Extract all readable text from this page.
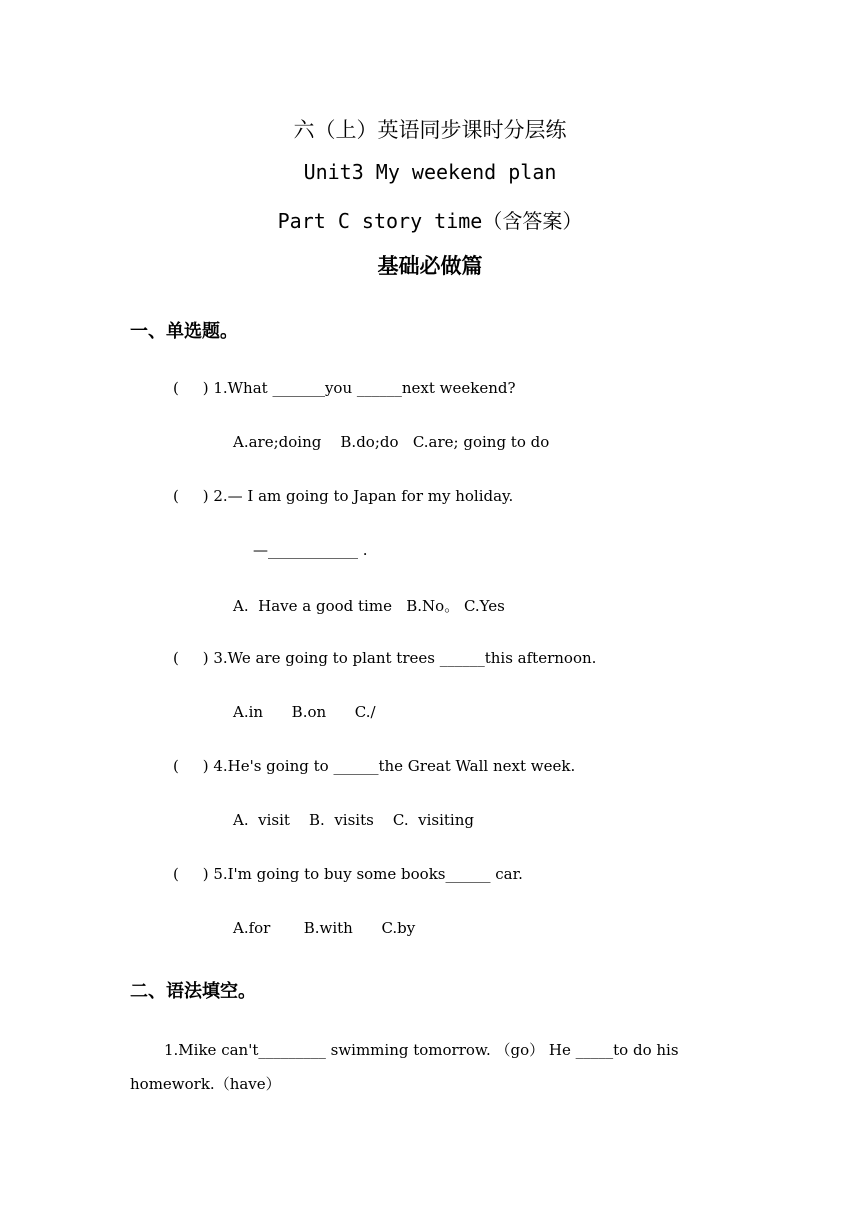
六（上）英语同步课时分层练
Unit3 My weekend plan
Part C story time（含答案）
基础必做篇
一、单选题。
(     ) 1.What _______you ______next weekend?
A.are;doing    B.do;do   C.are; going to do
(     ) 2.— I am going to Japan for my holiday.
—____________ .
A.  Have a good time   B.No。 C.Yes
(     ) 3.We are going to plant trees ______this afternoon.
A.in      B.on      C./
(     ) 4.He's going to ______the Great Wall next week.
A.  visit    B.  visits    C.  visiting
(     ) 5.I'm going to buy some books______ car.
A.for       B.with      C.by
二、语法填空。
1.Mike can't_________ swimming tomorrow. （go） He _____to do his
homework.（have）
